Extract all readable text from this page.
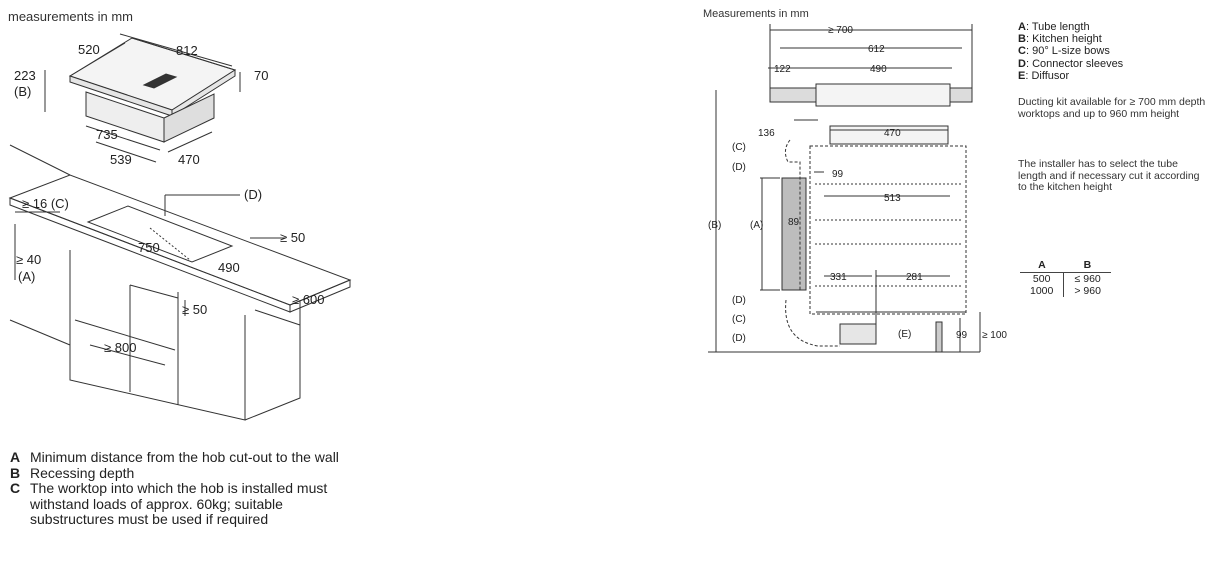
measurements in mm	Measurements in mm
812
520
223
(B)
70
735
539	470
≥ 16 (C)
(D)
≥ 40
(A)
750
490
≥ 50
≥ 50
≥ 600
≥ 800
A Minimum distance from the hob cut-out to the wall
B Recessing depth
C The worktop into which the hob is installed must withstand loads of approx. 60kg; suitable substructures must be used if required
≥ 700
612
122	490
470
136
99
513
89
331	281
99 ≥ 100
(C)
(D)
(A)
(B)
(D)
(C)
(D)	(E)
A: Tube length
B: Kitchen height
C: 90° L-size bows
D: Connector sleeves
E: Diffusor
Ducting kit available for ≥ 700 mm depth worktops and up to 960 mm height
The installer has to select the tube length and if necessary cut it according to the kitchen height
A	B
500	≤ 960
1000	> 960
